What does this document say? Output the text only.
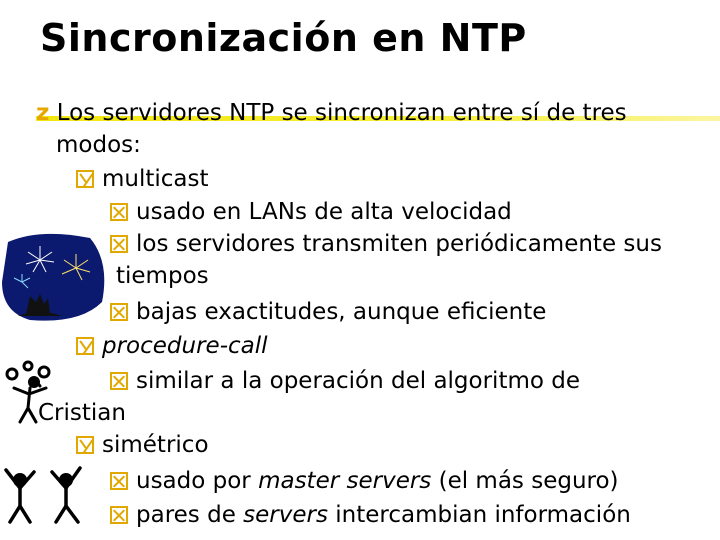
Sincronización en NTP
z Los servidores NTP se sincronizan entre sí de tres
modos:
multicast
usado en LANs de alta velocidad
los servidores transmiten periódicamente sus
tiempos
bajas exactitudes, aunque eficiente
procedure-call
similar a la operación del algoritmo de
Cristian
simétrico
usado por master servers (el más seguro)
pares de servers intercambian información
